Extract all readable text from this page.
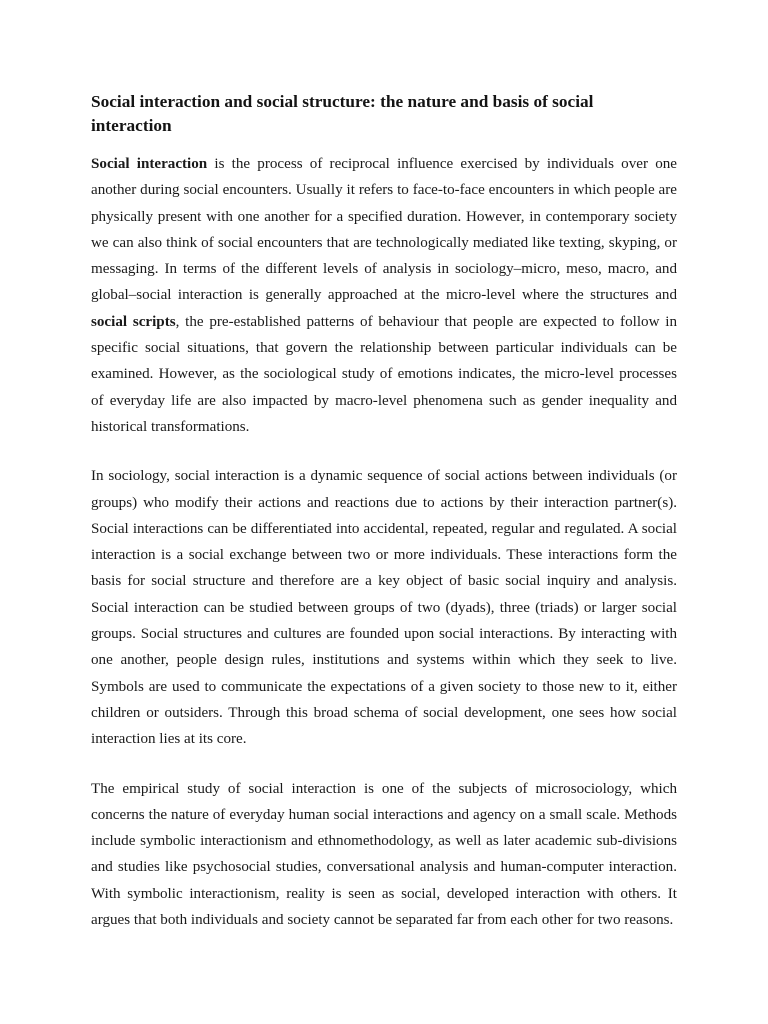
Social interaction and social structure: the nature and basis of social interaction

Social interaction is the process of reciprocal influence exercised by individuals over one another during social encounters. Usually it refers to face-to-face encounters in which people are physically present with one another for a specified duration. However, in contemporary society we can also think of social encounters that are technologically mediated like texting, skyping, or messaging. In terms of the different levels of analysis in sociology–micro, meso, macro, and global–social interaction is generally approached at the micro-level where the structures and social scripts, the pre-established patterns of behaviour that people are expected to follow in specific social situations, that govern the relationship between particular individuals can be examined. However, as the sociological study of emotions indicates, the micro-level processes of everyday life are also impacted by macro-level phenomena such as gender inequality and historical transformations.

In sociology, social interaction is a dynamic sequence of social actions between individuals (or groups) who modify their actions and reactions due to actions by their interaction partner(s). Social interactions can be differentiated into accidental, repeated, regular and regulated. A social interaction is a social exchange between two or more individuals. These interactions form the basis for social structure and therefore are a key object of basic social inquiry and analysis. Social interaction can be studied between groups of two (dyads), three (triads) or larger social groups. Social structures and cultures are founded upon social interactions. By interacting with one another, people design rules, institutions and systems within which they seek to live. Symbols are used to communicate the expectations of a given society to those new to it, either children or outsiders. Through this broad schema of social development, one sees how social interaction lies at its core.

The empirical study of social interaction is one of the subjects of microsociology, which concerns the nature of everyday human social interactions and agency on a small scale. Methods include symbolic interactionism and ethnomethodology, as well as later academic sub-divisions and studies like psychosocial studies, conversational analysis and human-computer interaction. With symbolic interactionism, reality is seen as social, developed interaction with others. It argues that both individuals and society cannot be separated far from each other for two reasons.
